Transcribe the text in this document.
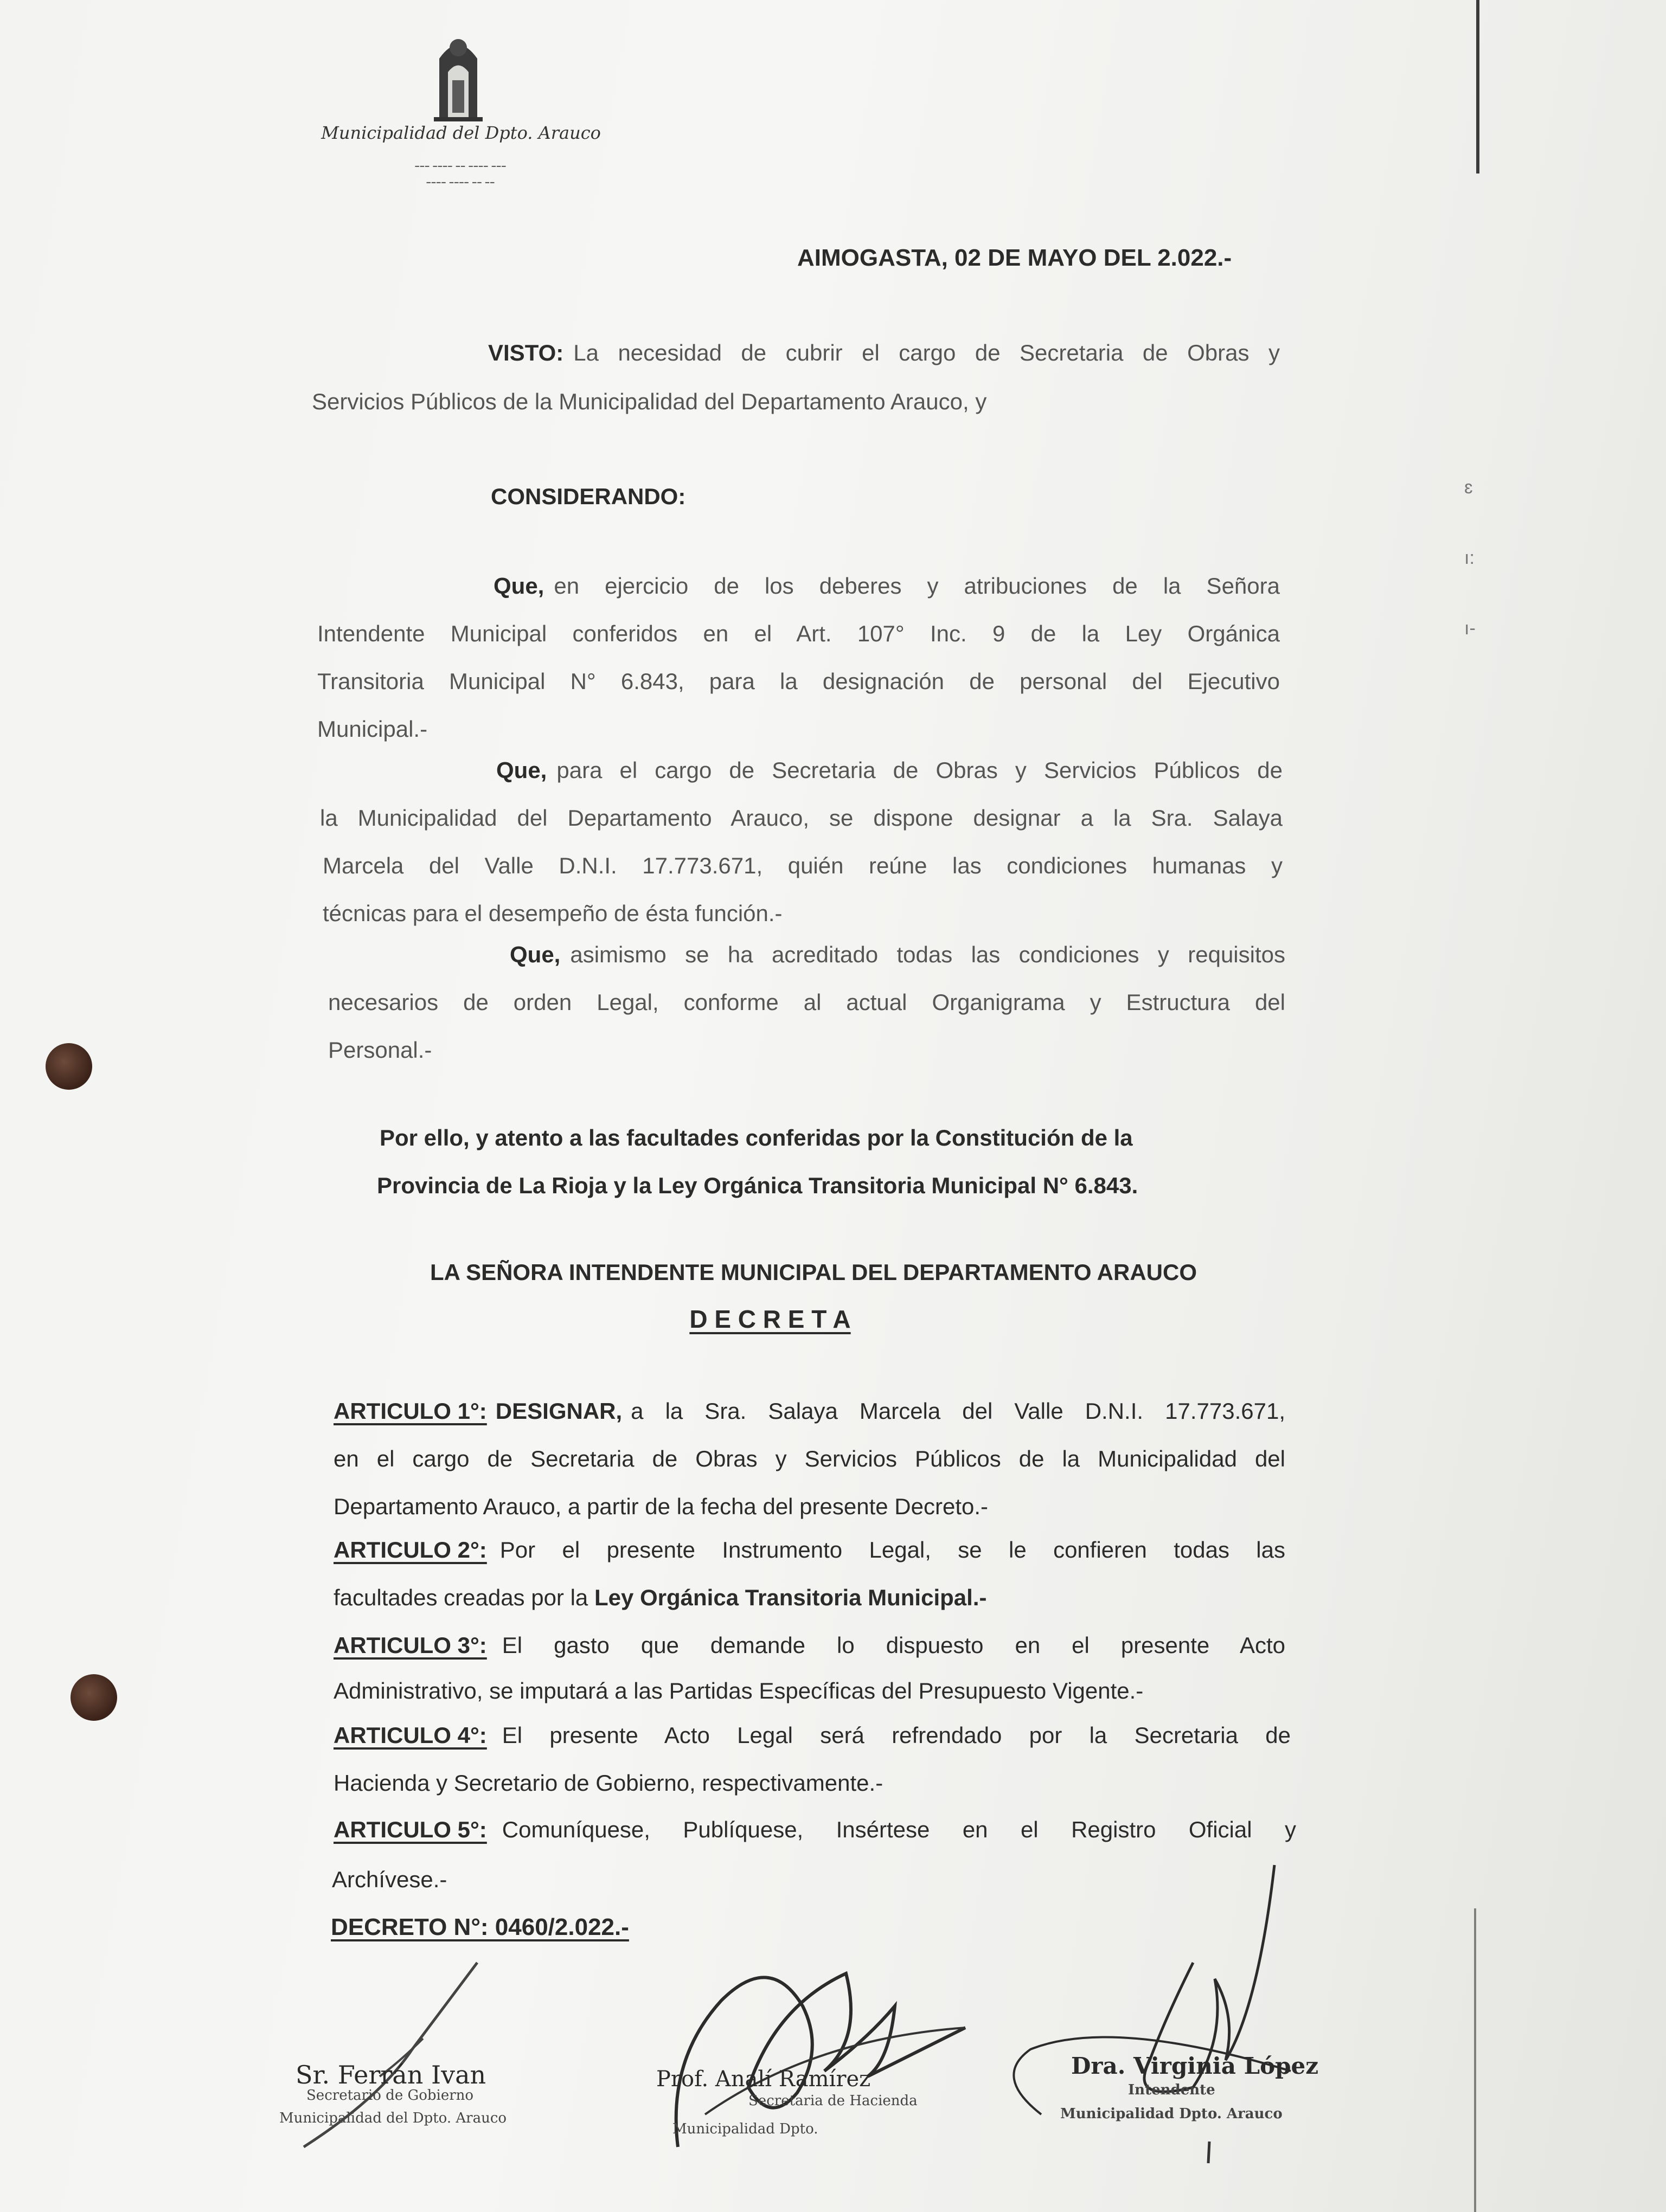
Municipalidad del Dpto. Arauco
━━━ ━━━━ ━━ ━━━━ ━━━
━━━━ ━━━━ ━━ ━━
AIMOGASTA, 02 DE MAYO DEL 2.022.-
VISTO: La necesidad de cubrir el cargo de Secretaria de Obras y
Servicios Públicos de la Municipalidad del Departamento Arauco, y
CONSIDERANDO:
Que, en ejercicio de los deberes y atribuciones de la Señora
Intendente Municipal conferidos en el Art. 107° Inc. 9 de la Ley Orgánica
Transitoria Municipal N° 6.843, para la designación de personal del Ejecutivo
Municipal.-
Que, para el cargo de Secretaria de Obras y Servicios Públicos de
la Municipalidad del Departamento Arauco, se dispone designar a la Sra. Salaya
Marcela del Valle D.N.I. 17.773.671, quién reúne las condiciones humanas y
técnicas para el desempeño de ésta función.-
Que, asimismo se ha acreditado todas las condiciones y requisitos
necesarios de orden Legal, conforme al actual Organigrama y Estructura del
Personal.-
Por ello, y atento a las facultades conferidas por la Constitución de la
Provincia de La Rioja y la Ley Orgánica Transitoria Municipal N° 6.843.
LA SEÑORA INTENDENTE MUNICIPAL DEL DEPARTAMENTO ARAUCO
D E C R E T A
ARTICULO 1°: DESIGNAR, a la Sra. Salaya Marcela del Valle D.N.I. 17.773.671,
en el cargo de Secretaria de Obras y Servicios Públicos de la Municipalidad del
Departamento Arauco, a partir de la fecha del presente Decreto.-
ARTICULO 2°: Por el presente Instrumento Legal, se le confieren todas las
facultades creadas por la Ley Orgánica Transitoria Municipal.-
ARTICULO 3°: El gasto que demande lo dispuesto en el presente Acto
Administrativo, se imputará a las Partidas Específicas del Presupuesto Vigente.-
ARTICULO 4°: El presente Acto Legal será refrendado por la Secretaria de
Hacienda y Secretario de Gobierno, respectivamente.-
ARTICULO 5°: Comuníquese, Publíquese, Insértese en el Registro Oficial y
Archívese.-
DECRETO N°: 0460/2.022.-
ɛ
ı:
ı-
Sr. Ferrán Ivan
Secretario de Gobierno
Municipalidad del Dpto. Arauco
Prof. Analí Ramírez
Secretaria de Hacienda
Municipalidad Dpto.
Dra. Virginia López
Intendente
Municipalidad Dpto. Arauco
